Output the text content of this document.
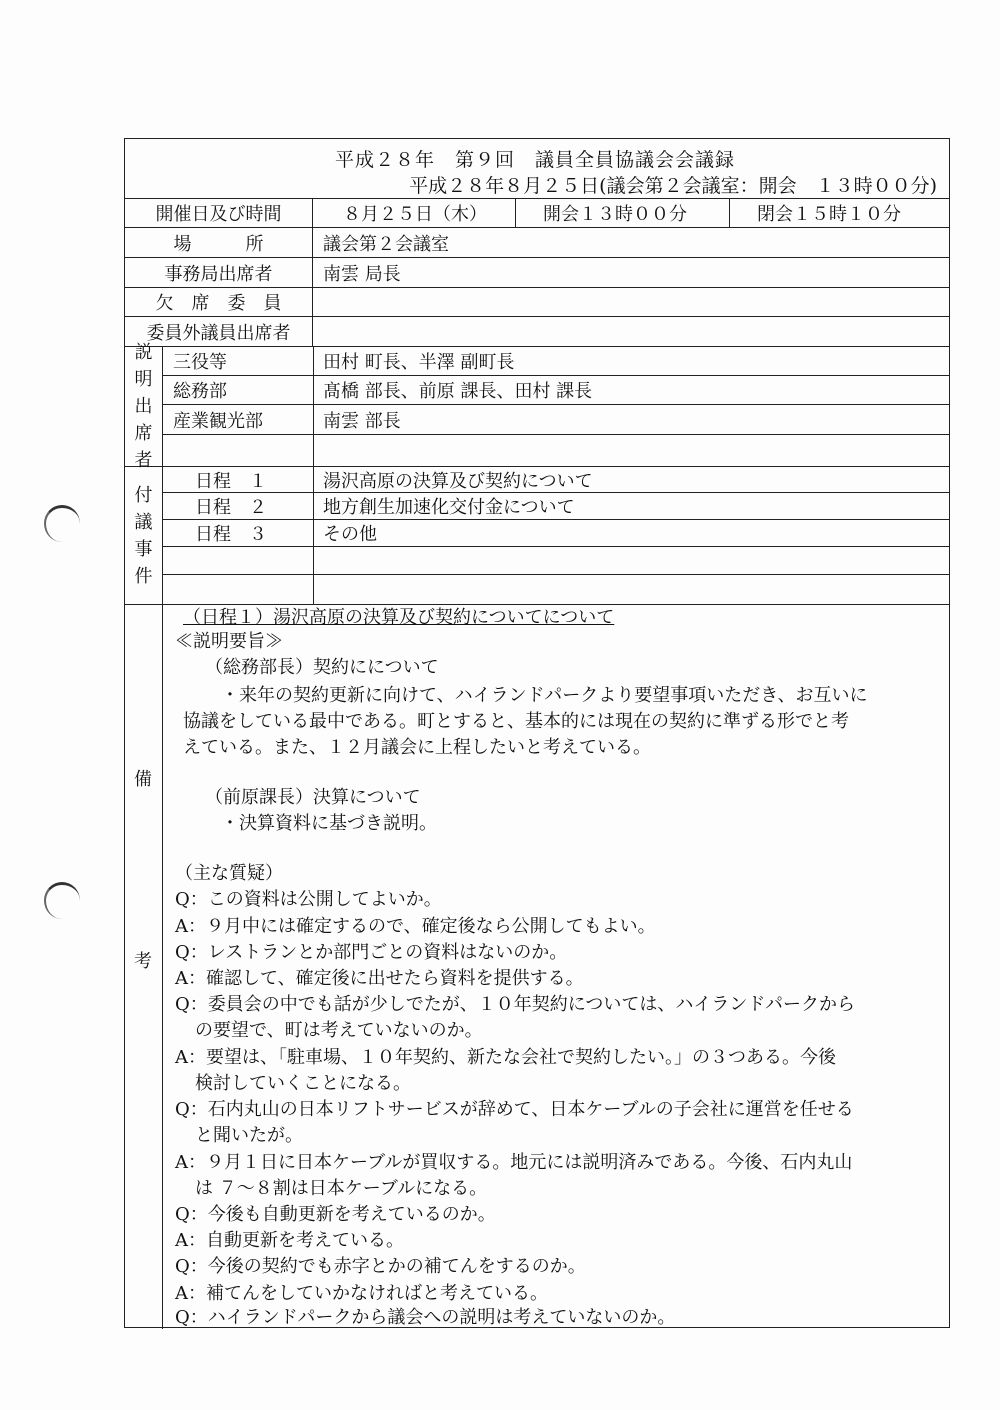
平成２８年　第９回　議員全員協議会会議録
平成２８年８月２５日(議会第２会議室：開会　１３時００分)
開催日及び時間	８月２５日（木）	開会１３時００分	閉会１５時１０分
場　　　所	議会第２会議室
事務局出席者	南雲 局長
欠　席　委　員
委員外議員出席者
説
明
出
席
者
三役等	田村 町長、半澤 副町長
総務部	髙橋 部長、前原 課長、田村 課長
産業観光部	南雲 部長
付
議
事
件
日程　１	湯沢高原の決算及び契約について
日程　２	地方創生加速化交付金について
日程　３	その他
備
考
（日程１）湯沢高原の決算及び契約についてについて
≪説明要旨≫
（総務部長）契約にについて
・来年の契約更新に向けて、ハイランドパークより要望事項いただき、お互いに
協議をしている最中である。町とすると、基本的には現在の契約に準ずる形でと考
えている。また、１２月議会に上程したいと考えている。
（前原課長）決算について
・決算資料に基づき説明。
（主な質疑）
Q：この資料は公開してよいか。
A：９月中には確定するので、確定後なら公開してもよい。
Q：レストランとか部門ごとの資料はないのか。
A：確認して、確定後に出せたら資料を提供する。
Q：委員会の中でも話が少しでたが、１０年契約については、ハイランドパークから
の要望で、町は考えていないのか。
A：要望は、「駐車場、１０年契約、新たな会社で契約したい。」の３つある。今後
検討していくことになる。
Q：石内丸山の日本リフトサービスが辞めて、日本ケーブルの子会社に運営を任せる
と聞いたが。
A：９月１日に日本ケーブルが買収する。地元には説明済みである。今後、石内丸山
は ７～８割は日本ケーブルになる。
Q：今後も自動更新を考えているのか。
A：自動更新を考えている。
Q：今後の契約でも赤字とかの補てんをするのか。
A：補てんをしていかなければと考えている。
Q：ハイランドパークから議会への説明は考えていないのか。
